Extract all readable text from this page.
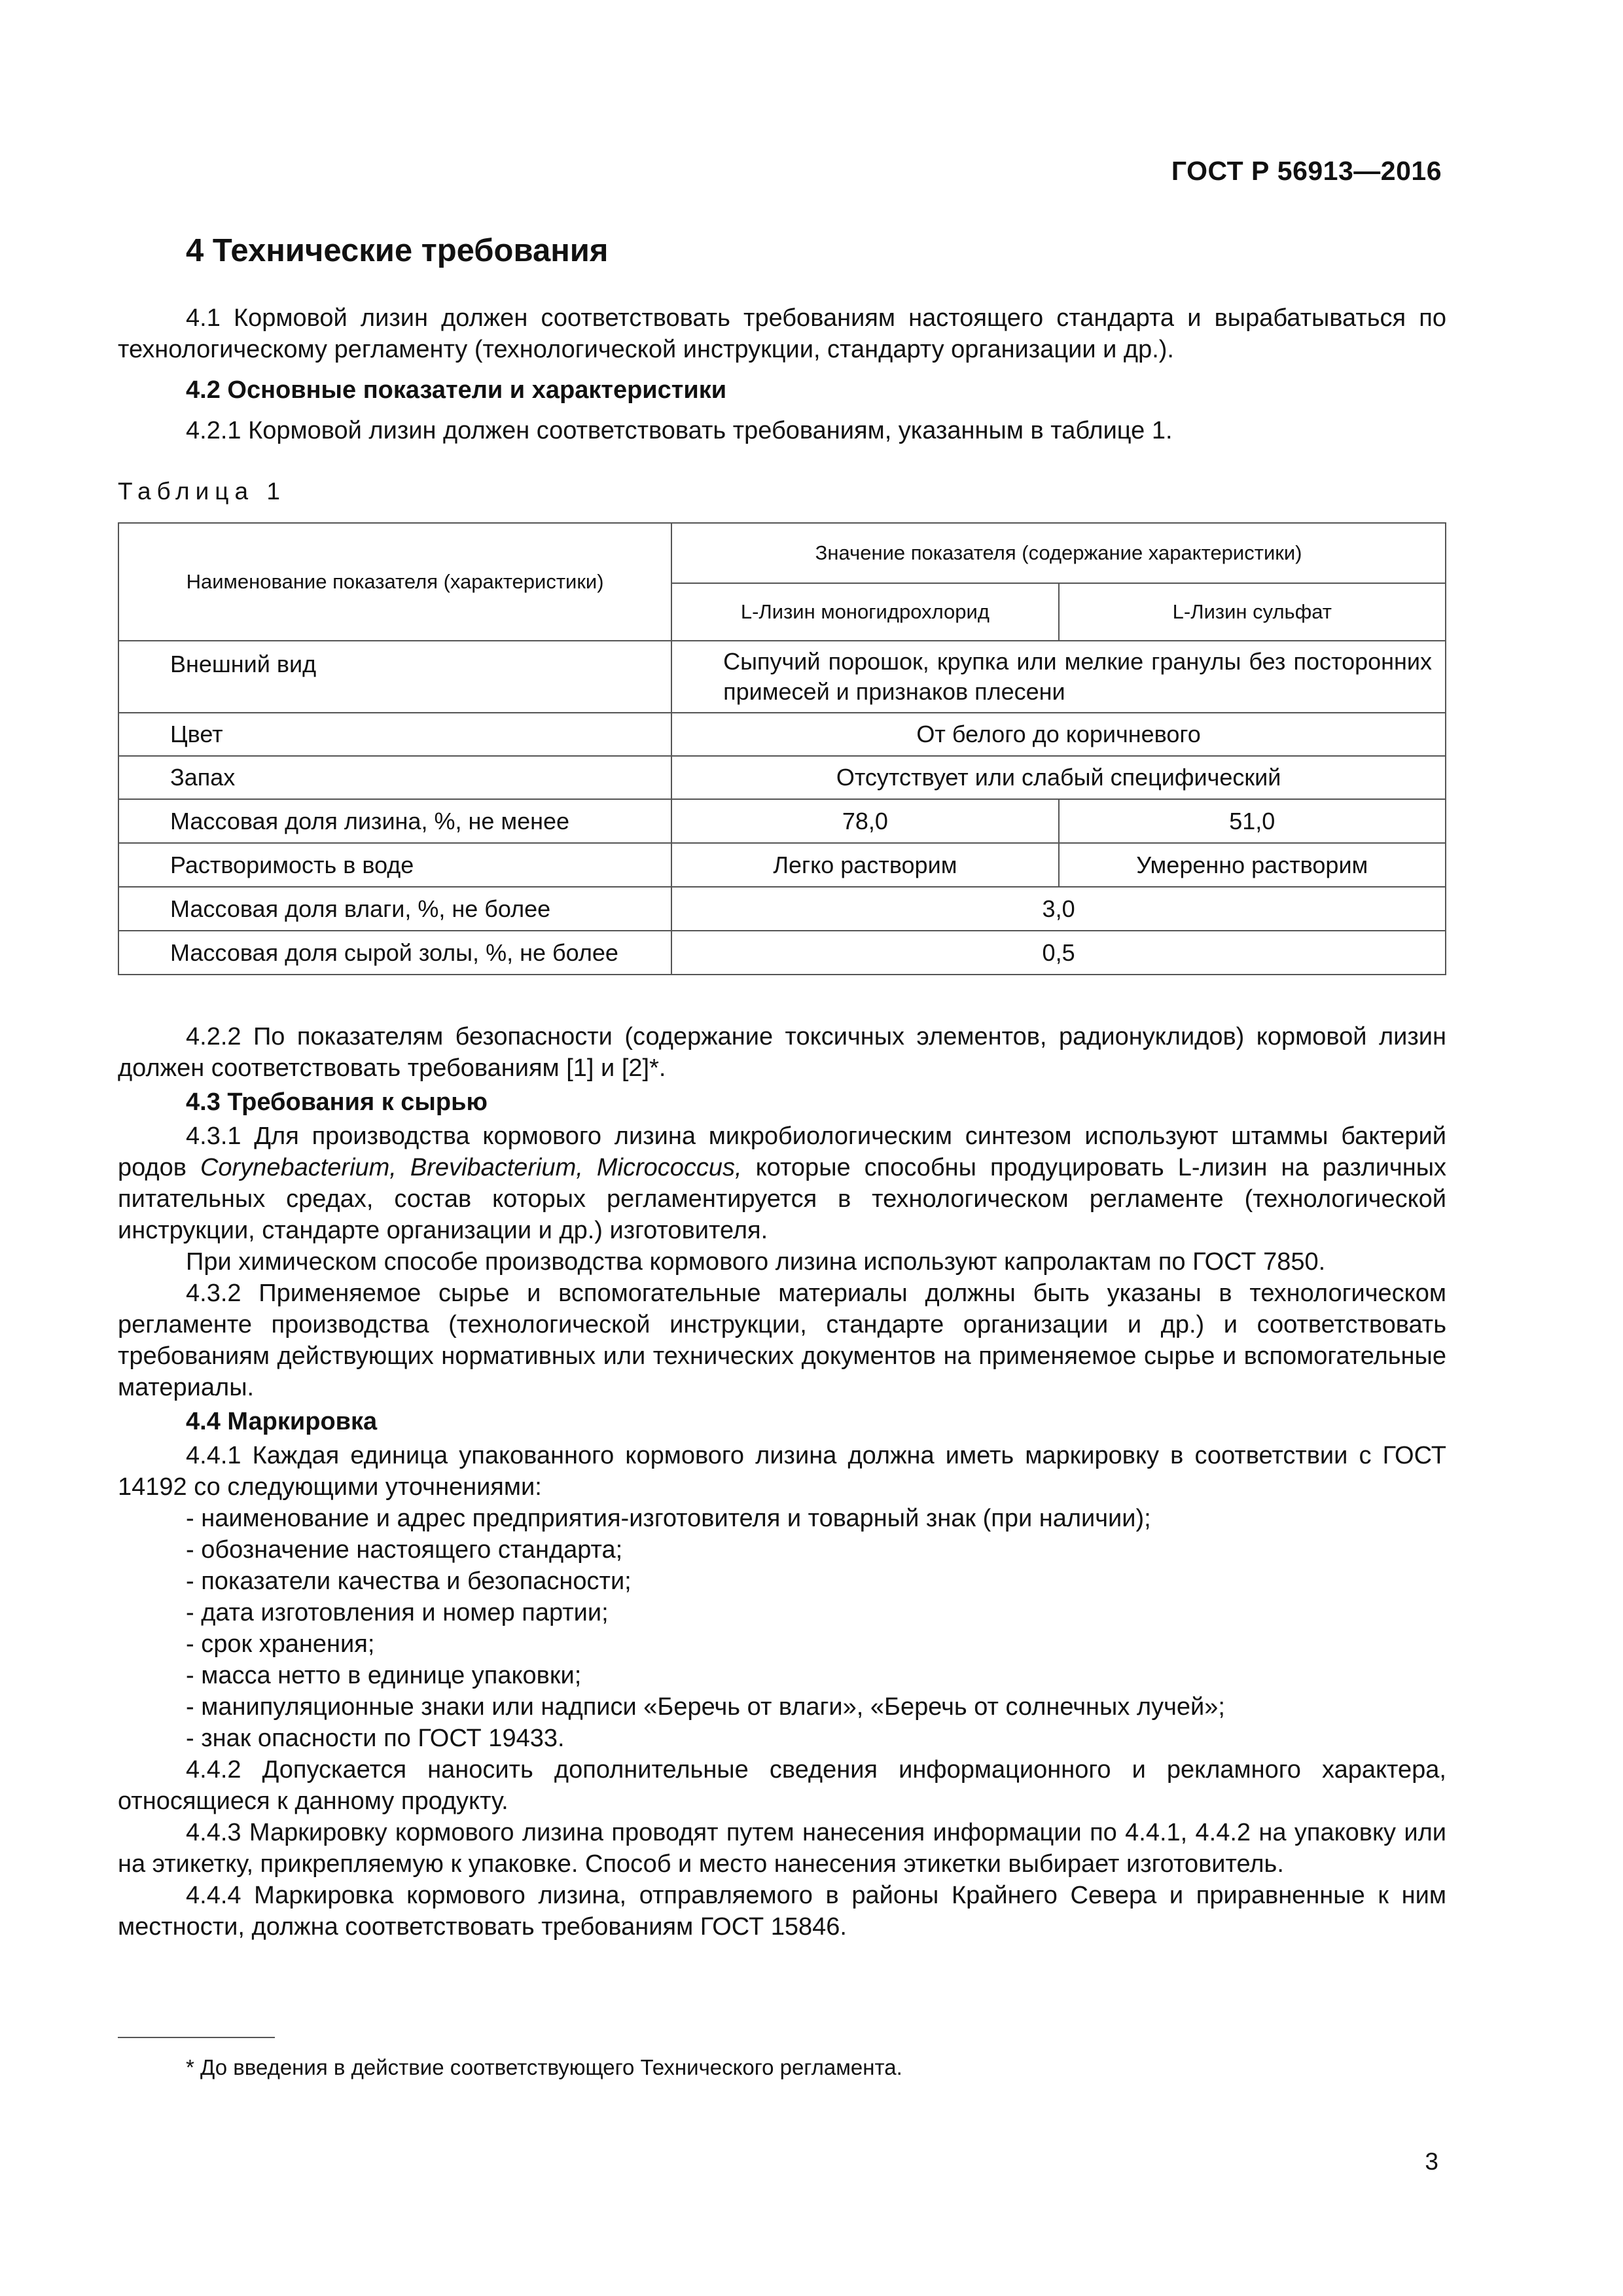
ГОСТ Р 56913—2016
4 Технические требования

4.1 Кормовой лизин должен соответствовать требованиям настоящего стандарта и вырабатываться по технологическому регламенту (технологической инструкции, стандарту организации и др.).

4.2 Основные показатели и характеристики

4.2.1 Кормовой лизин должен соответствовать требованиям, указанным в таблице 1.

Таблица 1
Наименование показателя (характеристики)	Значение показателя (содержание характеристики)	
	L-Лизин моногидрохлорид	L-Лизин сульфат
Внешний вид	Сыпучий порошок, крупка или мелкие гранулы без посторонних примесей и признаков плесени	
Цвет	От белого до коричневого	
Запах	Отсутствует или слабый специфический	
Массовая доля лизина, %, не менее	78,0	51,0
Растворимость в воде	Легко растворим	Умеренно растворим
Массовая доля влаги, %, не более	3,0	
Массовая доля сырой золы, %, не более	0,5	

4.2.2 По показателям безопасности (содержание токсичных элементов, радионуклидов) кормовой лизин должен соответствовать требованиям [1] и [2]*.

4.3 Требования к сырью

4.3.1 Для производства кормового лизина микробиологическим синтезом используют штаммы бактерий родов Corynebacterium, Brevibacterium, Micrococcus, которые способны продуцировать L-лизин на различных питательных средах, состав которых регламентируется в технологическом регламенте (технологической инструкции, стандарте организации и др.) изготовителя.

При химическом способе производства кормового лизина используют капролактам по ГОСТ 7850.

4.3.2 Применяемое сырье и вспомогательные материалы должны быть указаны в технологическом регламенте производства (технологической инструкции, стандарте организации и др.) и соответствовать требованиям действующих нормативных или технических документов на применяемое сырье и вспомогательные материалы.

4.4 Маркировка

4.4.1 Каждая единица упакованного кормового лизина должна иметь маркировку в соответствии с ГОСТ 14192 со следующими уточнениями:

- наименование и адрес предприятия-изготовителя и товарный знак (при наличии);

- обозначение настоящего стандарта;

- показатели качества и безопасности;

- дата изготовления и номер партии;

- срок хранения;

- масса нетто в единице упаковки;

- манипуляционные знаки или надписи «Беречь от влаги», «Беречь от солнечных лучей»;

- знак опасности по ГОСТ 19433.

4.4.2 Допускается наносить дополнительные сведения информационного и рекламного характера, относящиеся к данному продукту.

4.4.3 Маркировку кормового лизина проводят путем нанесения информации по 4.4.1, 4.4.2 на упаковку или на этикетку, прикрепляемую к упаковке. Способ и место нанесения этикетки выбирает изготовитель.

4.4.4 Маркировка кормового лизина, отправляемого в районы Крайнего Севера и приравненные к ним местности, должна соответствовать требованиям ГОСТ 15846.

* До введения в действие соответствующего Технического регламента.
3
